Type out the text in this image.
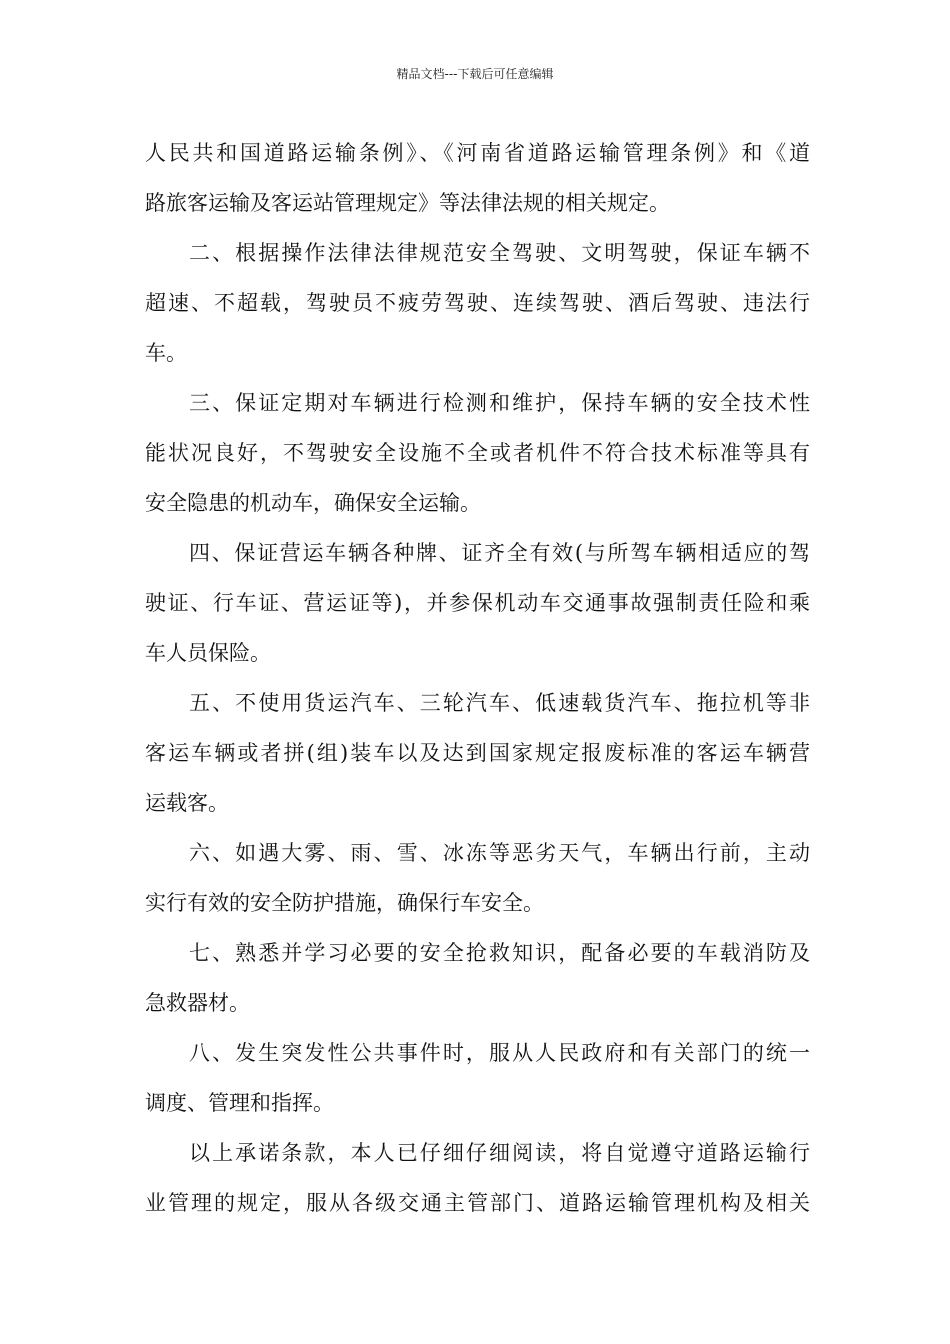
精品文档---下载后可任意编辑
人民共和国道路运输条例》、《河南省道路运输管理条例》和《道
路旅客运输及客运站管理规定》等法律法规的相关规定。
二、根据操作法律法律规范安全驾驶、文明驾驶，保证车辆不
超速、不超载，驾驶员不疲劳驾驶、连续驾驶、酒后驾驶、违法行
车。
三、保证定期对车辆进行检测和维护，保持车辆的安全技术性
能状况良好，不驾驶安全设施不全或者机件不符合技术标准等具有
安全隐患的机动车，确保安全运输。
四、保证营运车辆各种牌、证齐全有效(与所驾车辆相适应的驾
驶证、行车证、营运证等)，并参保机动车交通事故强制责任险和乘
车人员保险。
五、不使用货运汽车、三轮汽车、低速载货汽车、拖拉机等非
客运车辆或者拼(组)装车以及达到国家规定报废标准的客运车辆营
运载客。
六、如遇大雾、雨、雪、冰冻等恶劣天气，车辆出行前，主动
实行有效的安全防护措施，确保行车安全。
七、熟悉并学习必要的安全抢救知识，配备必要的车载消防及
急救器材。
八、发生突发性公共事件时，服从人民政府和有关部门的统一
调度、管理和指挥。
以上承诺条款，本人已仔细仔细阅读，将自觉遵守道路运输行
业管理的规定，服从各级交通主管部门、道路运输管理机构及相关
